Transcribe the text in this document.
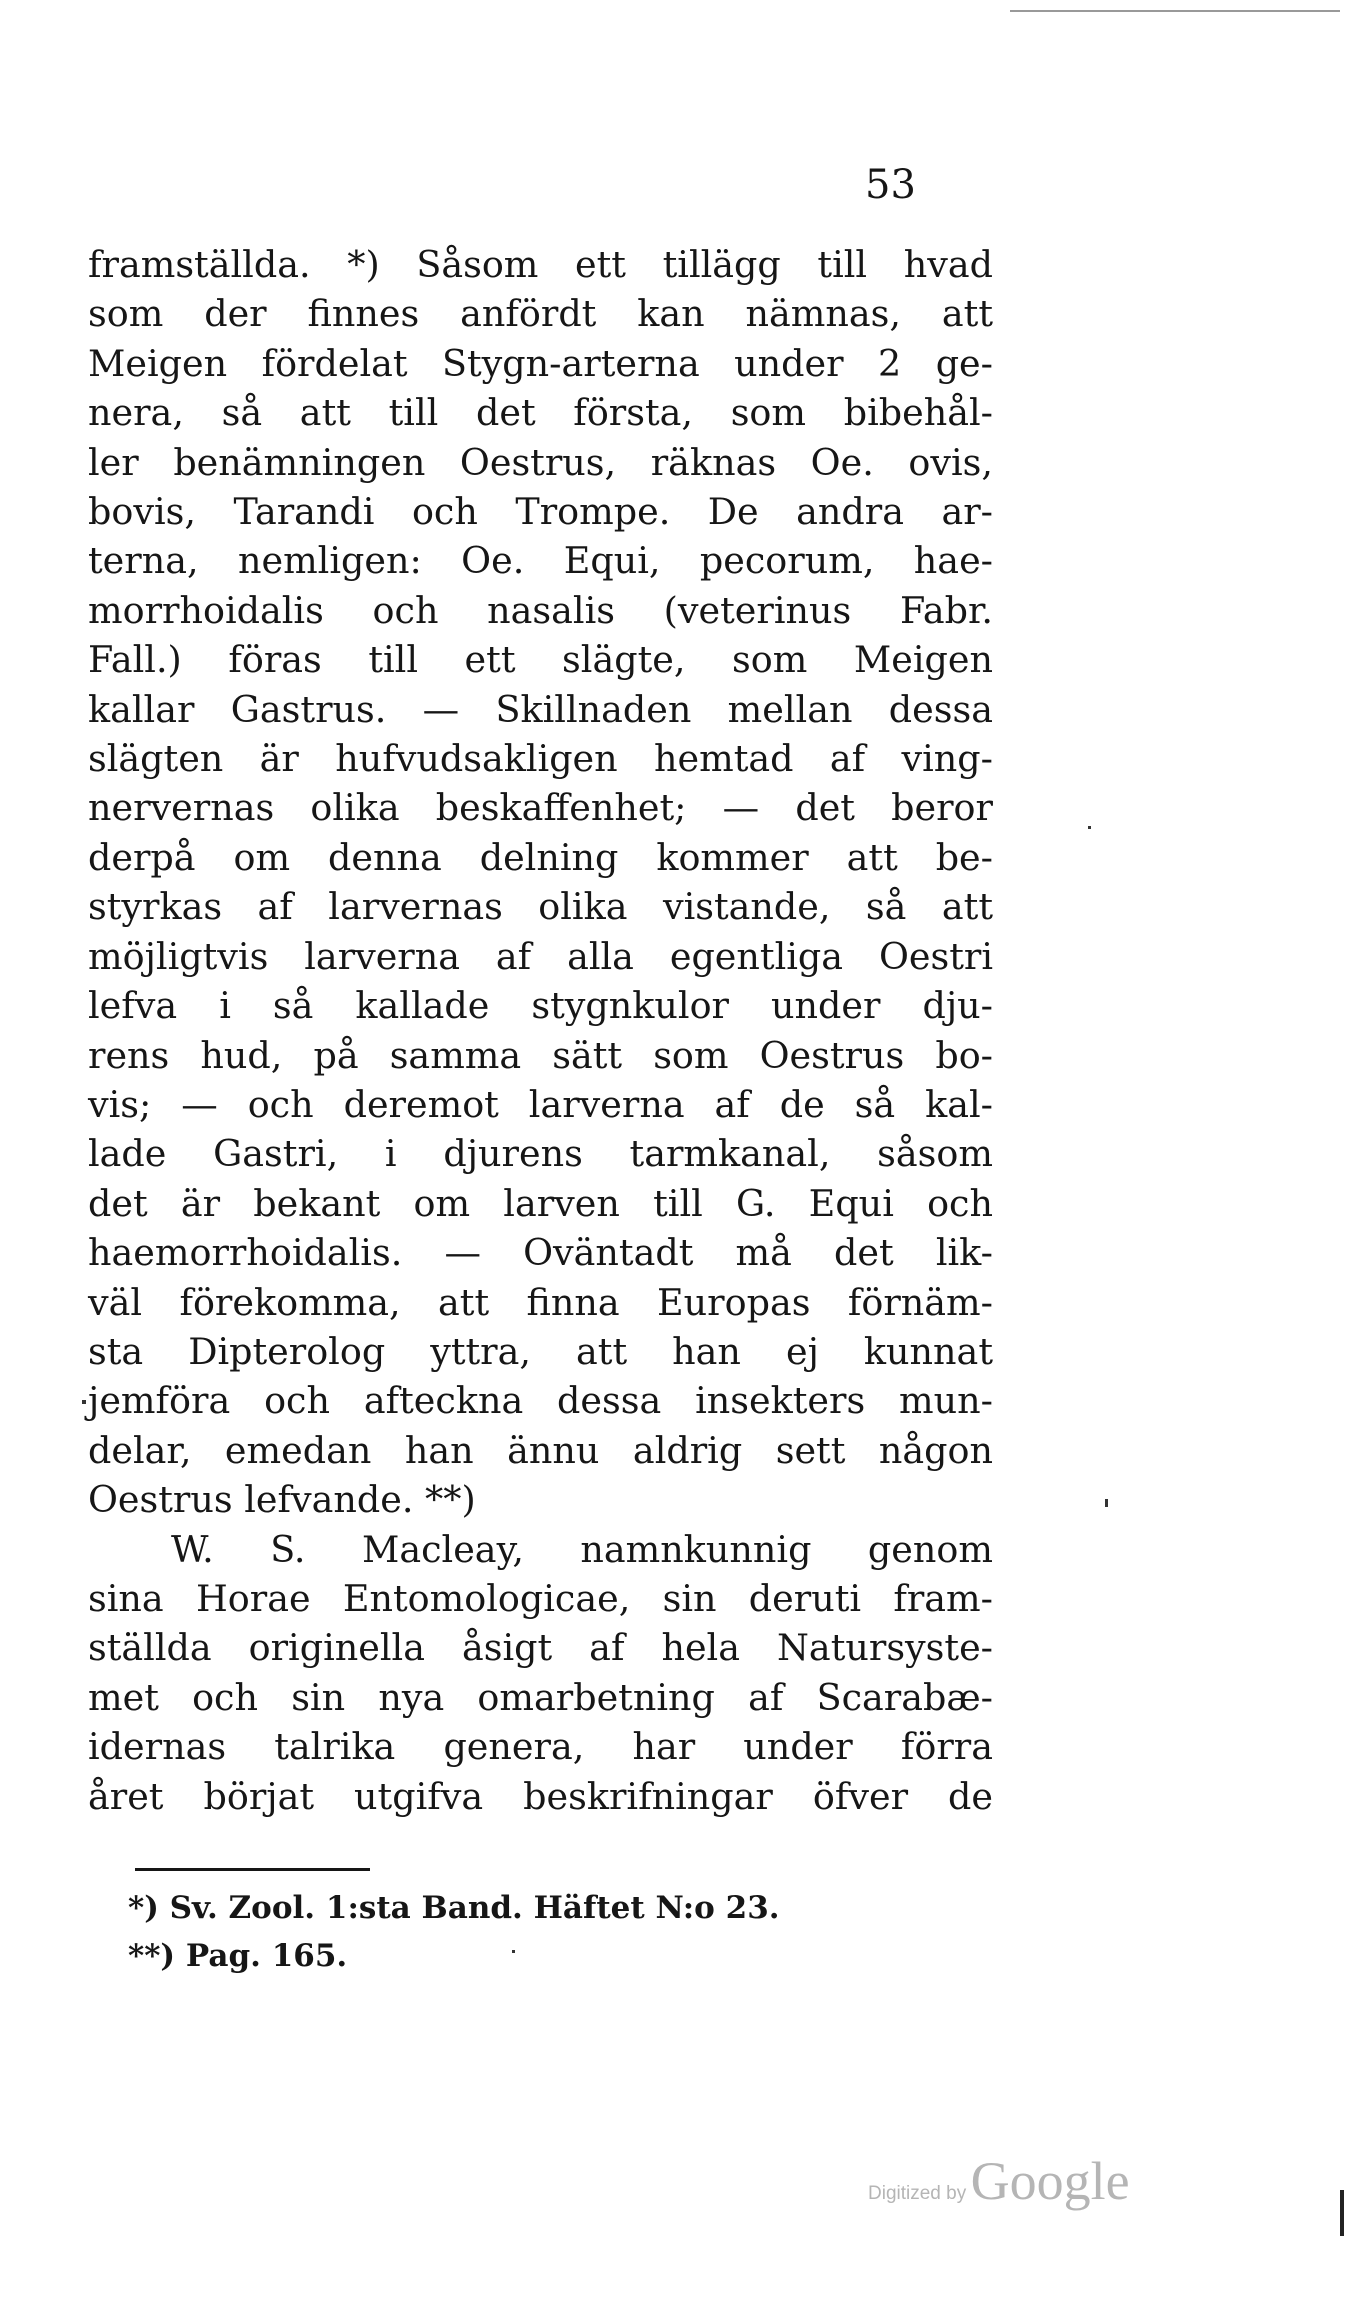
53
framställda. *) Såsom ett tillägg till hvad
som der finnes anfördt kan nämnas, att
Meigen fördelat Stygn-arterna under 2 ge-
nera, så att till det första, som bibehål-
ler benämningen Oestrus, räknas Oe. ovis,
bovis, Tarandi och Trompe. De andra ar-
terna, nemligen: Oe. Equi, pecorum, hae-
morrhoidalis och nasalis (veterinus Fabr.
Fall.) föras till ett slägte, som Meigen
kallar Gastrus. — Skillnaden mellan dessa
slägten är hufvudsakligen hemtad af ving-
nervernas olika beskaffenhet; — det beror
derpå om denna delning kommer att be-
styrkas af larvernas olika vistande, så att
möjligtvis larverna af alla egentliga Oestri
lefva i så kallade stygnkulor under dju-
rens hud, på samma sätt som Oestrus bo-
vis; — och deremot larverna af de så kal-
lade Gastri, i djurens tarmkanal, såsom
det är bekant om larven till G. Equi och
haemorrhoidalis. — Oväntadt må det lik-
väl förekomma, att finna Europas förnäm-
sta Dipterolog yttra, att han ej kunnat
jemföra och afteckna dessa insekters mun-
delar, emedan han ännu aldrig sett någon
Oestrus lefvande. **)
W. S. Macleay, namnkunnig genom
sina Horae Entomologicae, sin deruti fram-
ställda originella åsigt af hela Natursyste-
met och sin nya omarbetning af Scarabæ-
idernas talrika genera, har under förra
året börjat utgifva beskrifningar öfver de
*) Sv. Zool. 1:sta Band. Häftet N:o 23.
**) Pag. 165.
Digitized by Google
